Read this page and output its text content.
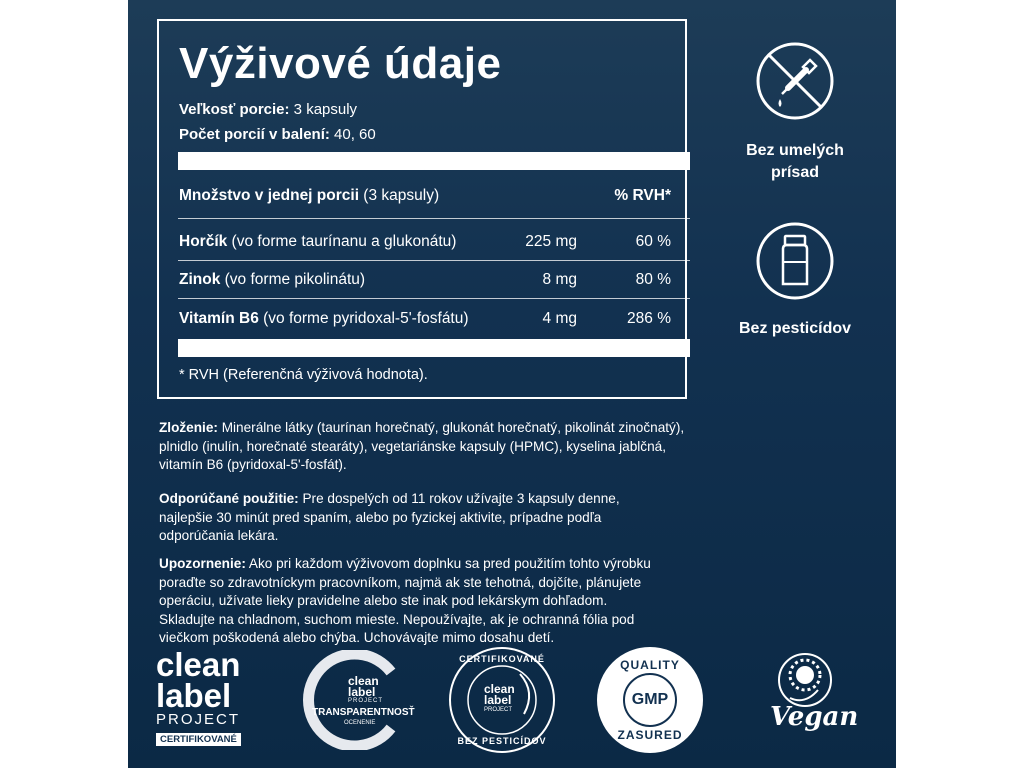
Výživové údaje
Veľkosť porcie: 3 kapsuly
Počet porcií v balení: 40, 60
Množstvo v jednej porcii (3 kapsuly)	% RVH*
Horčík (vo forme taurínanu a glukonátu)	225 mg	60 %
Zinok (vo forme pikolinátu)	8 mg	80 %
Vitamín B6 (vo forme pyridoxal-5'-fosfátu)	4 mg	286 %
* RVH (Referenčná výživová hodnota).
Zloženie: Minerálne látky (taurínan horečnatý, glukonát horečnatý, pikolinát zinočnatý),
plnidlo (inulín, horečnaté stearáty), vegetariánske kapsuly (HPMC), kyselina jablčná,
vitamín B6 (pyridoxal-5'-fosfát).
Odporúčané použitie: Pre dospelých od 11 rokov užívajte 3 kapsuly denne,
najlepšie 30 minút pred spaním, alebo po fyzickej aktivite, prípadne podľa
odporúčania lekára.
Upozornenie: Ako pri každom výživovom doplnku sa pred použitím tohto výrobku
poraďte so zdravotníckym pracovníkom, najmä ak ste tehotná, dojčíte, plánujete
operáciu, užívate lieky pravidelne alebo ste inak pod lekárskym dohľadom.
Skladujte na chladnom, suchom mieste. Nepoužívajte, ak je ochranná fólia pod
viečkom poškodená alebo chýba. Uchovávajte mimo dosahu detí.
Bez umelých
prísad
Bez pesticídov
clean
label
PROJECT
CERTIFIKOVANÉ
clean
label
PROJECT
TRANSPARENTNOSŤ
OCENENIE
CERTIFIKOVANÉ
clean
label
PROJECT
BEZ PESTICÍDOV
QUALITY
GMP
ZASURED
Vegan
